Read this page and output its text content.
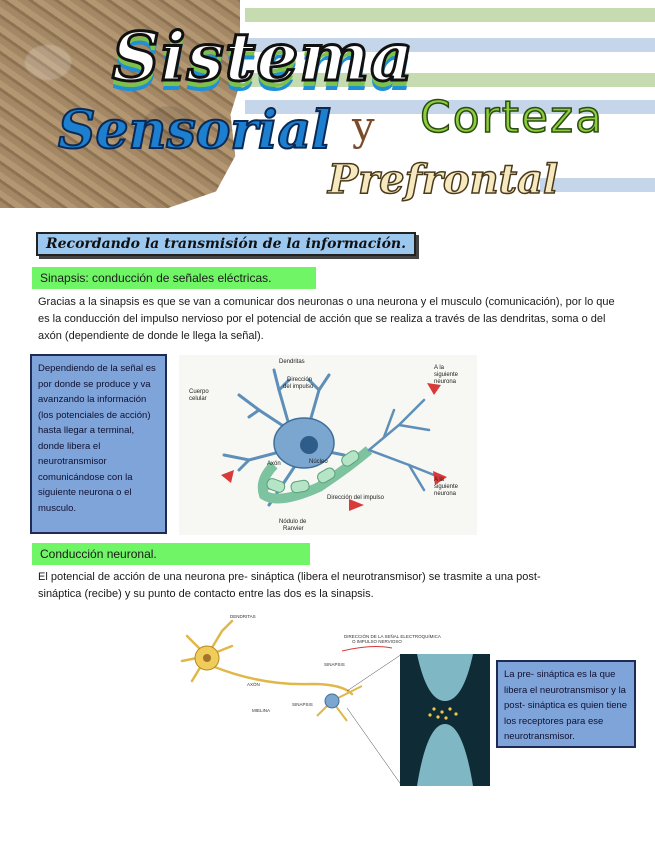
Sistema
Sensorial y Corteza
Prefrontal
Recordando la transmisión de la información.
Sinapsis: conducción de señales eléctricas.
Gracias a la sinapsis es que se van a comunicar dos neuronas o una neurona y el musculo (comunicación), por lo que es la conducción del impulso nervioso por el potencial de acción que se realiza a través de las dendritas, soma o del axón (dependiente de donde le llega la señal).
Dependiendo de la señal es por donde se produce y va avanzando la información (los potenciales de acción) hasta llegar a terminal, donde libera el neurotransmisor comunicándose con la siguiente neurona o el musculo.
Dendritas
Dirección
del impulso
Cuerpo
celular
Núcleo
Axón
A la
siguiente
neurona
A la
siguiente
neurona
Dirección del impulso
Nódulo de
Ranvier
Conducción neuronal.
El potencial de acción de una neurona pre- sináptica (libera el neurotransmisor) se trasmite a una post- sináptica (recibe) y su punto de contacto entre las dos es la sinapsis.
DENDRITAS
DIRECCIÓN DE LA SEÑAL ELECTROQUÍMICA
O IMPULSO NERVIOSO
SINAPSIS
AXÓN
SINAPSIS
MIELINA
La pre- sináptica es la que libera el neurotransmisor y la post- sináptica es quien tiene los receptores para ese neurotransmisor.
